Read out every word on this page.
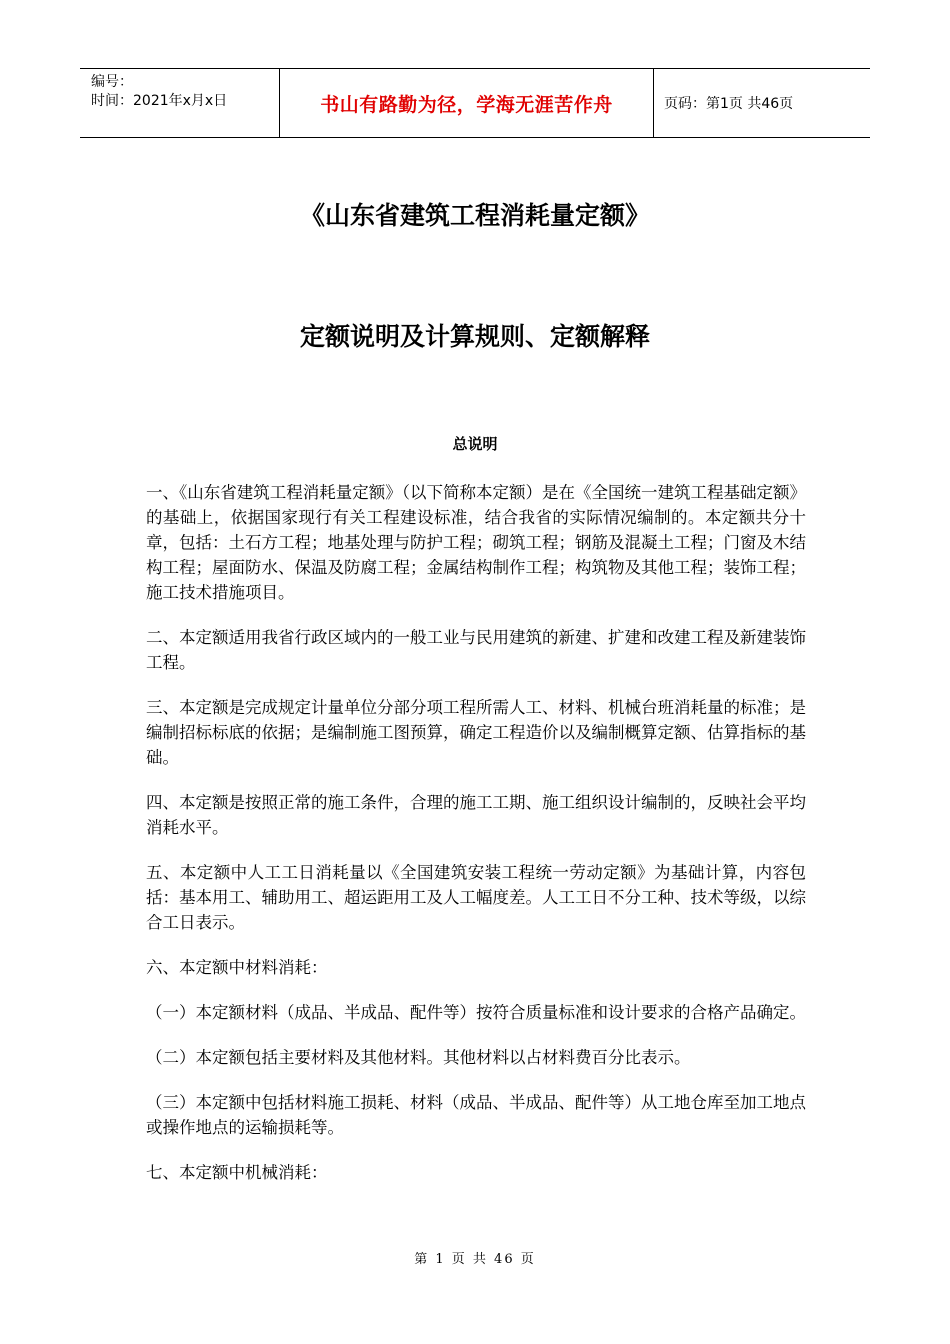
编号：
时间：2021年x月x日	书山有路勤为径，学海无涯苦作舟	页码：第1页 共46页
《山东省建筑工程消耗量定额》
定额说明及计算规则、定额解释
总说明

一、《山东省建筑工程消耗量定额》（以下简称本定额）是在《全国统一建筑工程基础定额》的基础上，依据国家现行有关工程建设标准，结合我省的实际情况编制的。本定额共分十章，包括：土石方工程；地基处理与防护工程；砌筑工程；钢筋及混凝土工程；门窗及木结构工程；屋面防水、保温及防腐工程；金属结构制作工程；构筑物及其他工程；装饰工程；施工技术措施项目。

二、本定额适用我省行政区域内的一般工业与民用建筑的新建、扩建和改建工程及新建装饰工程。

三、本定额是完成规定计量单位分部分项工程所需人工、材料、机械台班消耗量的标准；是编制招标标底的依据；是编制施工图预算，确定工程造价以及编制概算定额、估算指标的基础。

四、本定额是按照正常的施工条件，合理的施工工期、施工组织设计编制的，反映社会平均消耗水平。

五、本定额中人工工日消耗量以《全国建筑安装工程统一劳动定额》为基础计算，内容包括：基本用工、辅助用工、超运距用工及人工幅度差。人工工日不分工种、技术等级，以综合工日表示。

六、本定额中材料消耗：

（一）本定额材料（成品、半成品、配件等）按符合质量标准和设计要求的合格产品确定。

（二）本定额包括主要材料及其他材料。其他材料以占材料费百分比表示。

（三）本定额中包括材料施工损耗、材料（成品、半成品、配件等）从工地仓库至加工地点或操作地点的运输损耗等。

七、本定额中机械消耗：

第 1 页 共 46 页
